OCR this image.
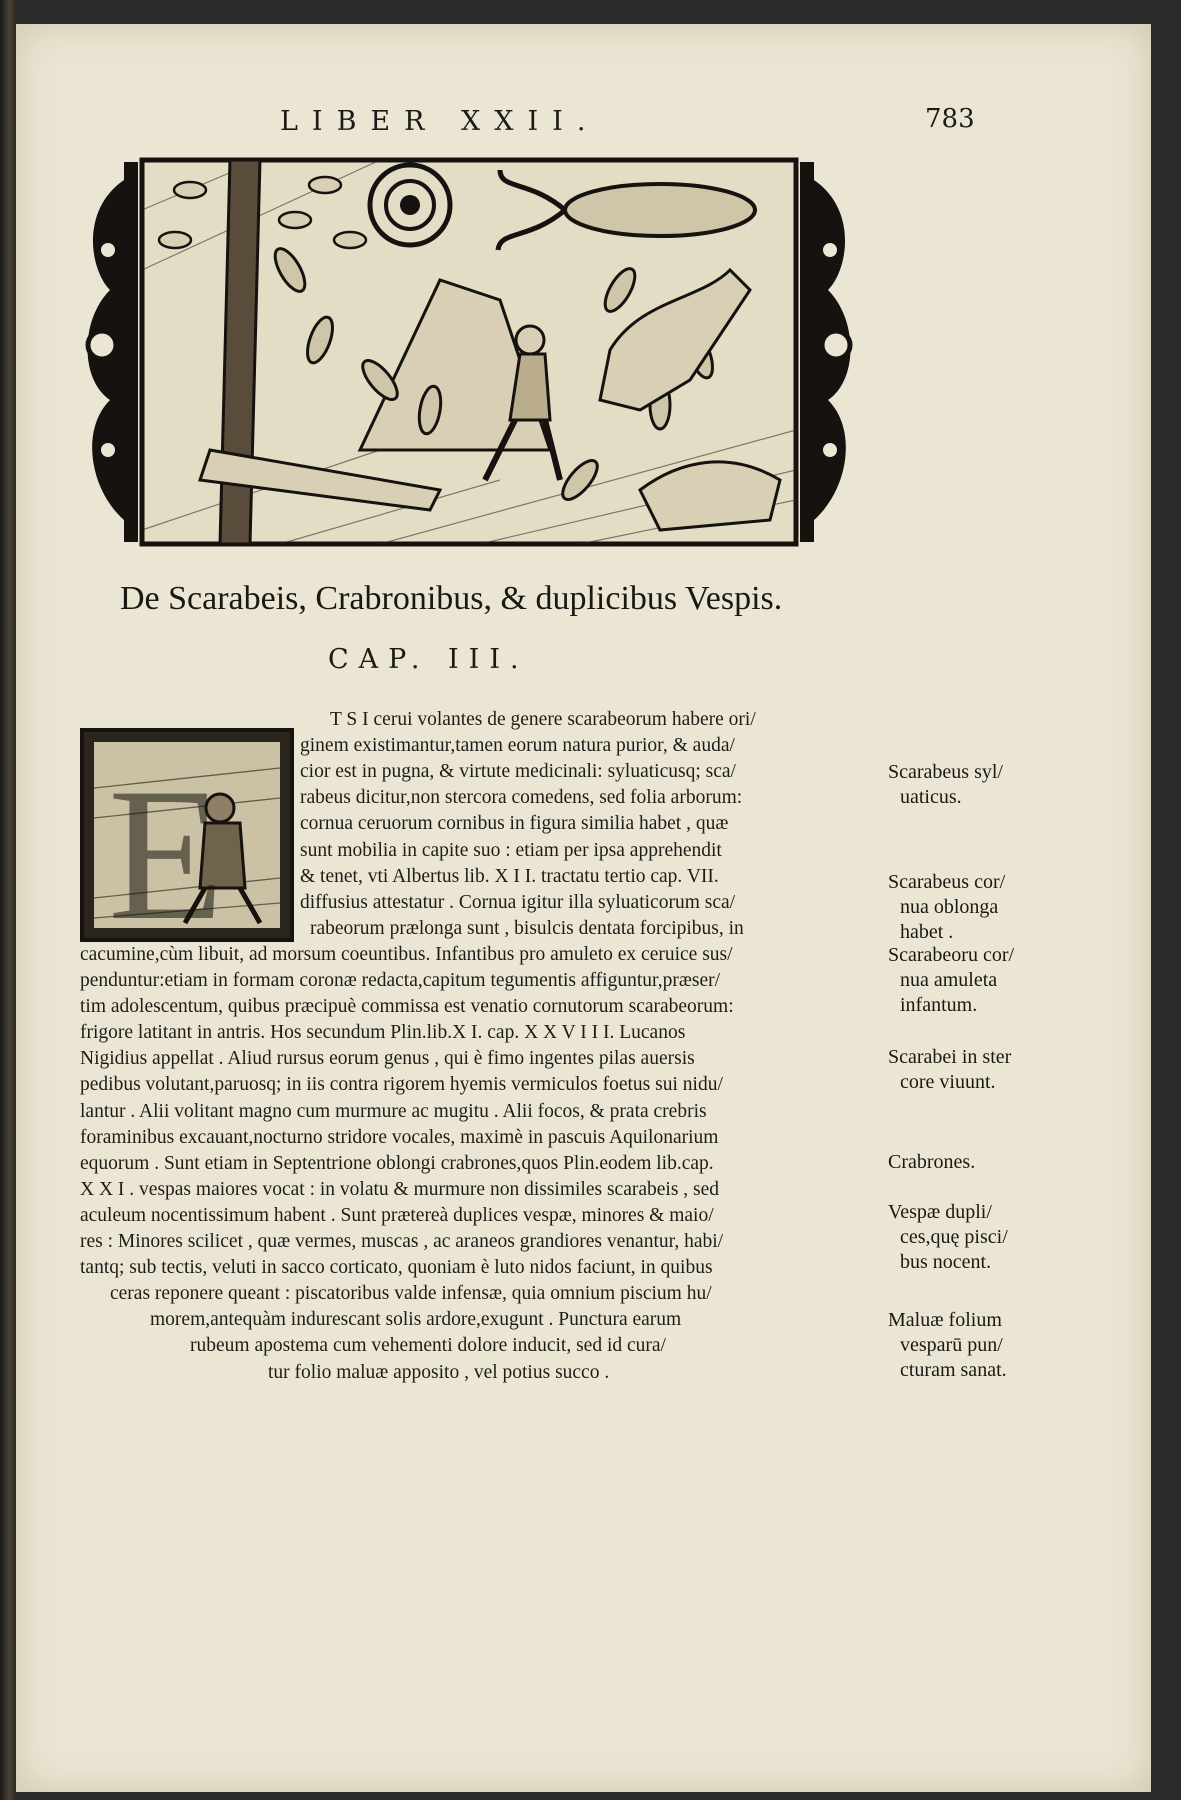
LIBER XXII.	783
De Scarabeis, Crabronibus, & duplicibus Vespis.
CAP. III.
E
T S I cerui volantes de genere scarabeorum habere ori/
ginem existimantur,tamen eorum natura purior, & auda/
cior est in pugna, & virtute medicinali: syluaticusq; sca/
rabeus dicitur,non stercora comedens, sed folia arborum:
cornua ceruorum cornibus in figura similia habet , quæ
sunt mobilia in capite suo : etiam per ipsa apprehendit
& tenet, vti Albertus lib. X I I. tractatu tertio cap. VII.
diffusius attestatur . Cornua igitur illa syluaticorum sca/
rabeorum prælonga sunt , bisulcis dentata forcipibus, in
cacumine,cùm libuit, ad morsum coeuntibus. Infantibus pro amuleto ex ceruice sus/
penduntur:etiam in formam coronæ redacta,capitum tegumentis affiguntur,præser/
tim adolescentum, quibus præcipuè commissa est venatio cornutorum scarabeorum:
frigore latitant in antris. Hos secundum Plin.lib.X I. cap. X X V I I I. Lucanos
Nigidius appellat . Aliud rursus eorum genus , qui è fimo ingentes pilas auersis
pedibus volutant,paruosq; in iis contra rigorem hyemis vermiculos foetus sui nidu/
lantur . Alii volitant magno cum murmure ac mugitu . Alii focos, & prata crebris
foraminibus excauant,nocturno stridore vocales, maximè in pascuis Aquilonarium
equorum . Sunt etiam in Septentrione oblongi crabrones,quos Plin.eodem lib.cap.
X X I . vespas maiores vocat : in volatu & murmure non dissimiles scarabeis , sed
aculeum nocentissimum habent . Sunt prætereà duplices vespæ, minores & maio/
res : Minores scilicet , quæ vermes, muscas , ac araneos grandiores venantur, habi/
tantq; sub tectis, veluti in sacco corticato, quoniam è luto nidos faciunt, in quibus
ceras reponere queant : piscatoribus valde infensæ, quia omnium piscium hu/
morem,antequàm indurescant solis ardore,exugunt . Punctura earum
rubeum apostema cum vehementi dolore inducit, sed id cura/
tur folio maluæ apposito , vel potius succo .
Scarabeus syl/
uaticus.
Scarabeus cor/
nua oblonga
habet .
Scarabeoru cor/
nua amuleta
infantum.
Scarabei in ster
core viuunt.
Crabrones.
Vespæ dupli/
ces,quę pisci/
bus nocent.
Maluæ folium
vesparū pun/
cturam sanat.
